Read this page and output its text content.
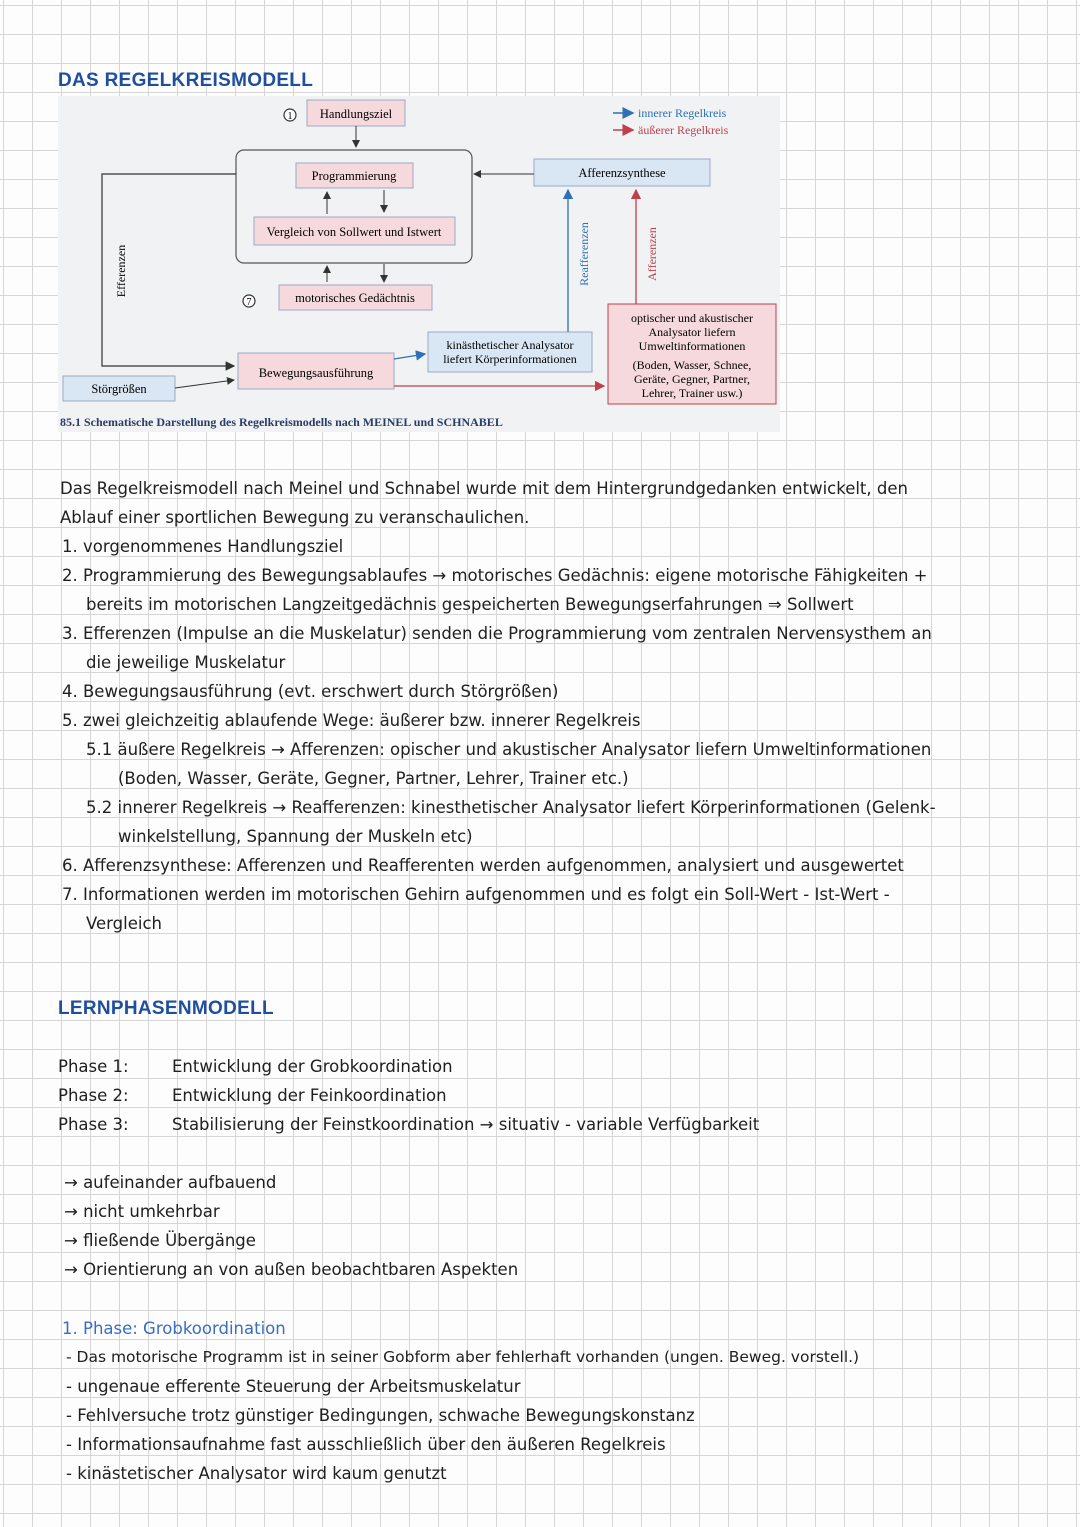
DAS REGELKREISMODELL
innerer Regelkreis
äußerer Regelkreis
1 Handlungsziel
Programmierung
Vergleich von Sollwert und Istwert
7	motorisches Gedächtnis
Afferenzsynthese
Efferenzen
Bewegungsausführung
Störgrößen
kinästhetischer Analysator
liefert Körperinformationen
optischer und akustischer
Analysator liefern
Umweltinformationen
(Boden, Wasser, Schnee,
Geräte, Gegner, Partner,
Lehrer, Trainer usw.)
Reafferenzen	Afferenzen
85.1 Schematische Darstellung des Regelkreismodells nach MEINEL und SCHNABEL

Das Regelkreismodell nach Meinel und Schnabel wurde mit dem Hintergrundgedanken entwickelt, den

Ablauf einer sportlichen Bewegung zu veranschaulichen.

1. vorgenommenes Handlungsziel
2. Programmierung des Bewegungsablaufes → motorisches Gedächnis: eigene motorische Fähigkeiten +
bereits im motorischen Langzeitgedächnis gespeicherten Bewegungserfahrungen ⇒ Sollwert
3. Efferenzen (Impulse an die Muskelatur) senden die Programmierung vom zentralen Nervensysthem an
die jeweilige Muskelatur
4. Bewegungsausführung (evt. erschwert durch Störgrößen)
5. zwei gleichzeitig ablaufende Wege: äußerer bzw. innerer Regelkreis
5.1 äußere Regelkreis → Afferenzen: opischer und akustischer Analysator liefern Umweltinformationen
(Boden, Wasser, Geräte, Gegner, Partner, Lehrer, Trainer etc.)
5.2 innerer Regelkreis → Reafferenzen: kinesthetischer Analysator liefert Körperinformationen (Gelenk-
winkelstellung, Spannung der Muskeln etc)
6. Afferenzsynthese: Afferenzen und Reafferenten werden aufgenommen, analysiert und ausgewertet
7. Informationen werden im motorischen Gehirn aufgenommen und es folgt ein Soll-Wert - Ist-Wert -
Vergleich
LERNPHASENMODELL
Phase 1:	Entwicklung der Grobkoordination
Phase 2:	Entwicklung der Feinkoordination
Phase 3:	Stabilisierung der Feinstkoordination → situativ - variable Verfügbarkeit
→ aufeinander aufbauend
→ nicht umkehrbar
→ fließende Übergänge
→ Orientierung an von außen beobachtbaren Aspekten

1. Phase: Grobkoordination

- Das motorische Programm ist in seiner Gobform aber fehlerhaft vorhanden (ungen. Beweg. vorstell.)
- ungenaue efferente Steuerung der Arbeitsmuskelatur
- Fehlversuche trotz günstiger Bedingungen, schwache Bewegungskonstanz
- Informationsaufnahme fast ausschließlich über den äußeren Regelkreis
- kinästetischer Analysator wird kaum genutzt
